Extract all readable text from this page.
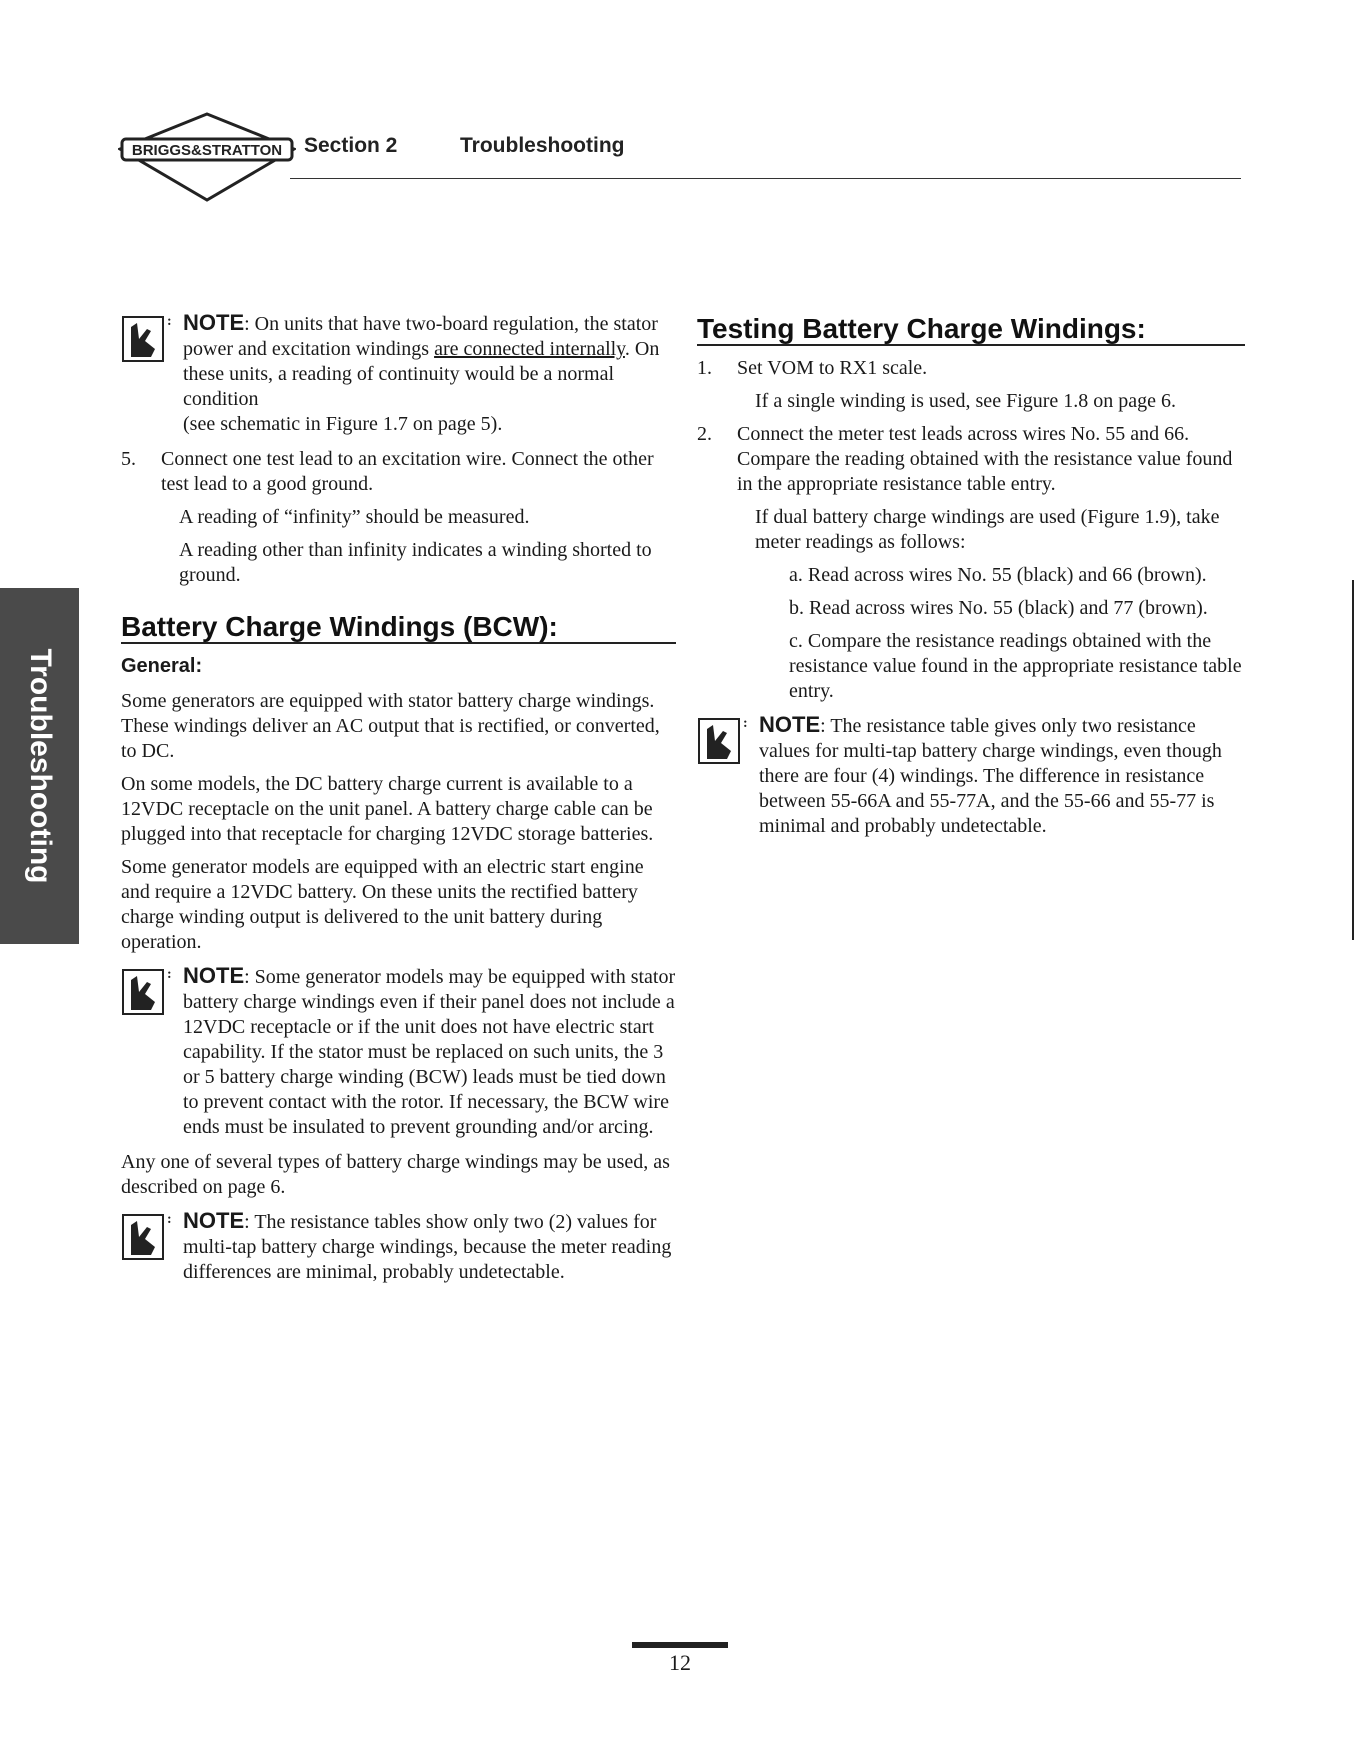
BRIGGS&STRATTON Section 2	Troubleshooting
Troubleshooting
: NOTE: On units that have two-board regulation, the stator power and excitation windings are connected internally. On these units, a reading of continuity would be a normal condition
(see schematic in Figure 1.7 on page 5).
5. Connect one test lead to an excitation wire. Connect the other test lead to a good ground.
A reading of “infinity” should be measured.
A reading other than infinity indicates a winding shorted to ground.
Battery Charge Windings (BCW):
General:

Some generators are equipped with stator battery charge windings. These windings deliver an AC output that is rectified, or converted, to DC.

On some models, the DC battery charge current is available to a 12VDC receptacle on the unit panel. A battery charge cable can be plugged into that receptacle for charging 12VDC storage batteries.

Some generator models are equipped with an electric start engine and require a 12VDC battery. On these units the rectified battery charge winding output is delivered to the unit battery during operation.

: NOTE: Some generator models may be equipped with stator battery charge windings even if their panel does not include a 12VDC receptacle or if the unit does not have electric start capability. If the stator must be replaced on such units, the 3 or 5 battery charge winding (BCW) leads must be tied down to prevent contact with the rotor. If necessary, the BCW wire ends must be insulated to prevent grounding and/or arcing.

Any one of several types of battery charge windings may be used, as described on page 6.

: NOTE: The resistance tables show only two (2) values for multi-tap battery charge windings, because the meter reading differences are minimal, probably undetectable.
Testing Battery Charge Windings:
1. Set VOM to RX1 scale.
If a single winding is used, see Figure 1.8 on page 6.
2. Connect the meter test leads across wires No. 55 and 66. Compare the reading obtained with the resistance value found in the appropriate resistance table entry.
If dual battery charge windings are used (Figure 1.9), take meter readings as follows:
a. Read across wires No. 55 (black) and 66 (brown).
b. Read across wires No. 55 (black) and 77 (brown).
c. Compare the resistance readings obtained with the resistance value found in the appropriate resistance table entry.
: NOTE: The resistance table gives only two resistance values for multi-tap battery charge windings, even though there are four (4) windings. The difference in resistance between 55-66A and 55-77A, and the 55-66 and 55-77 is minimal and probably undetectable.
12
